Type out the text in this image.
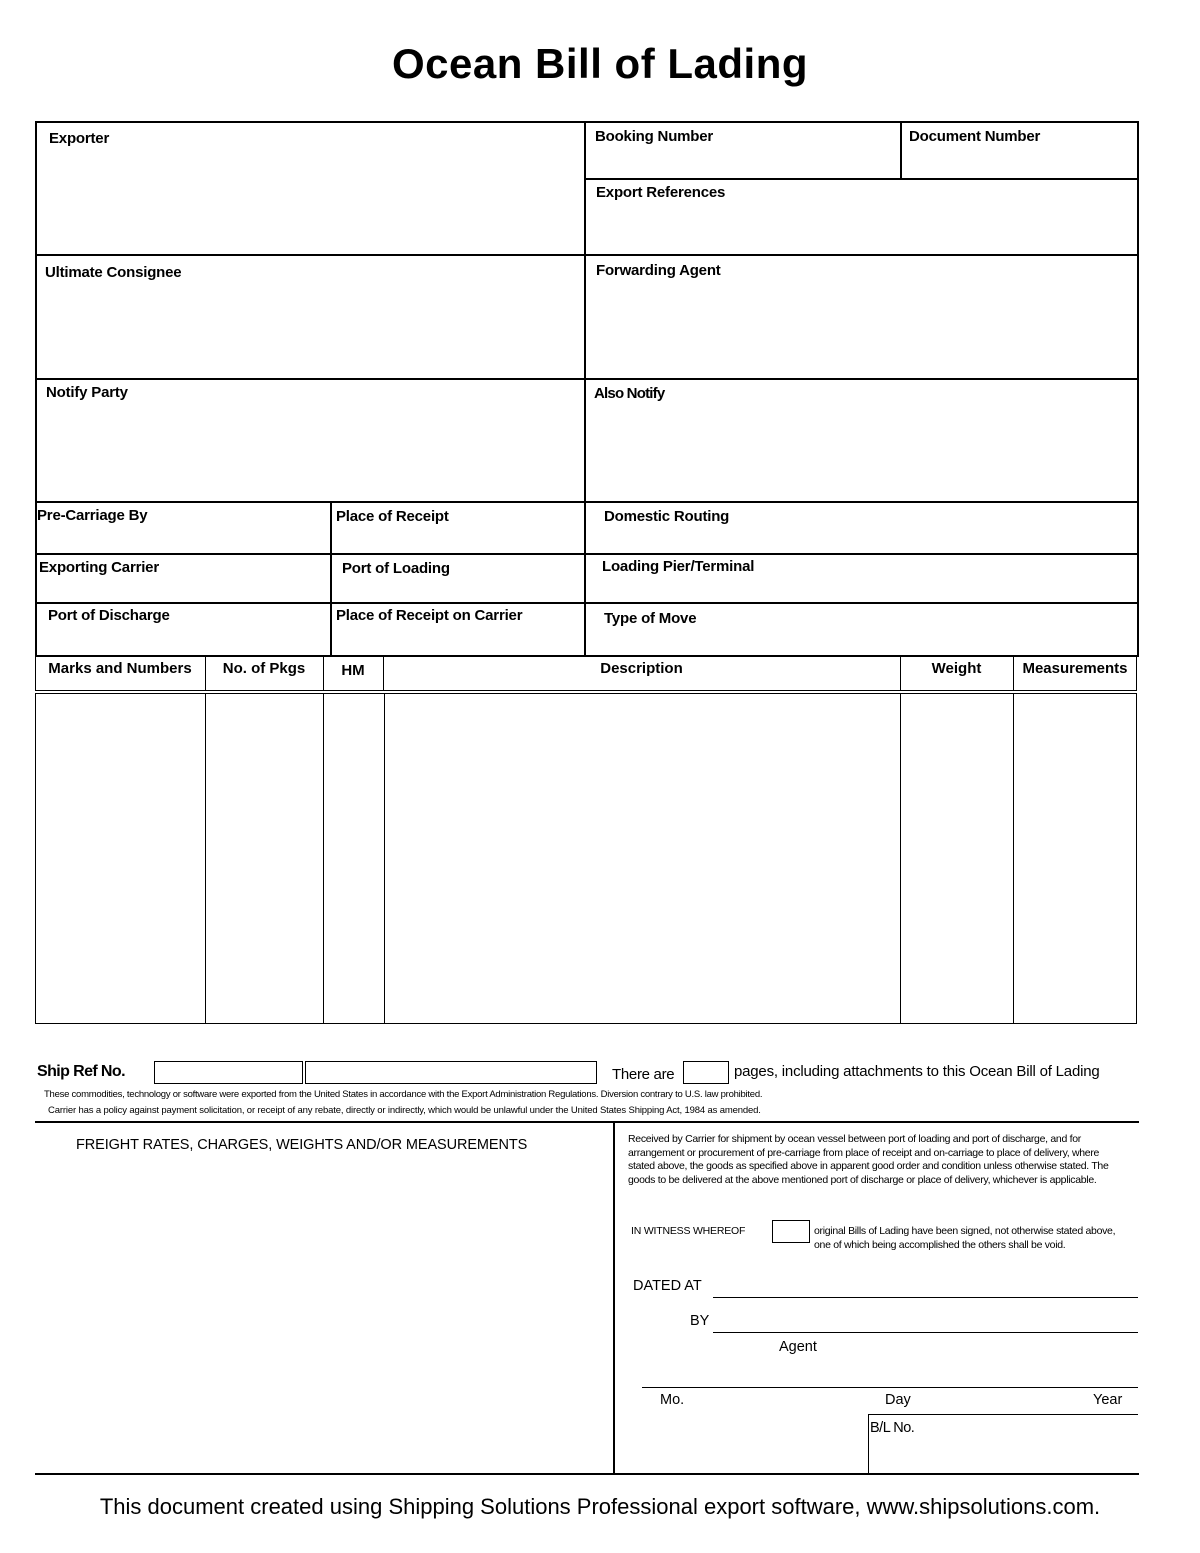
Ocean Bill of Lading
Exporter	Booking Number	Document Number
Export References
Ultimate Consignee	Forwarding Agent
Notify Party	Also Notify
Pre-Carriage By	Place of Receipt	Domestic Routing
Exporting Carrier	Port of Loading	Loading Pier/Terminal
Port of Discharge	Place of Receipt on Carrier	Type of Move
Marks and Numbers	No. of Pkgs	HM	Description	Weight	Measurements
Ship Ref No.	There are	pages, including attachments to this Ocean Bill of Lading
These commodities, technology or software were exported from the United States in accordance with the Export Administration Regulations. Diversion contrary to U.S. law prohibited.
Carrier has a policy against payment solicitation, or receipt of any rebate, directly or indirectly, which would be unlawful under the United States Shipping Act, 1984 as amended.
FREIGHT RATES, CHARGES, WEIGHTS AND/OR MEASUREMENTS	Received by Carrier for shipment by ocean vessel between port of loading and port of discharge, and for arrangement or procurement of pre-carriage from place of receipt and on-carriage to place of delivery, where stated above, the goods as specified above in apparent good order and condition unless otherwise stated. The goods to be delivered at the above mentioned port of discharge or place of delivery, whichever is applicable.
IN WITNESS WHEREOF	original Bills of Lading have been signed, not otherwise stated above, one of which being accomplished the others shall be void.
DATED AT
BY
Agent
Mo.	Day	Year
B/L No.
This document created using Shipping Solutions Professional export software, www.shipsolutions.com.
